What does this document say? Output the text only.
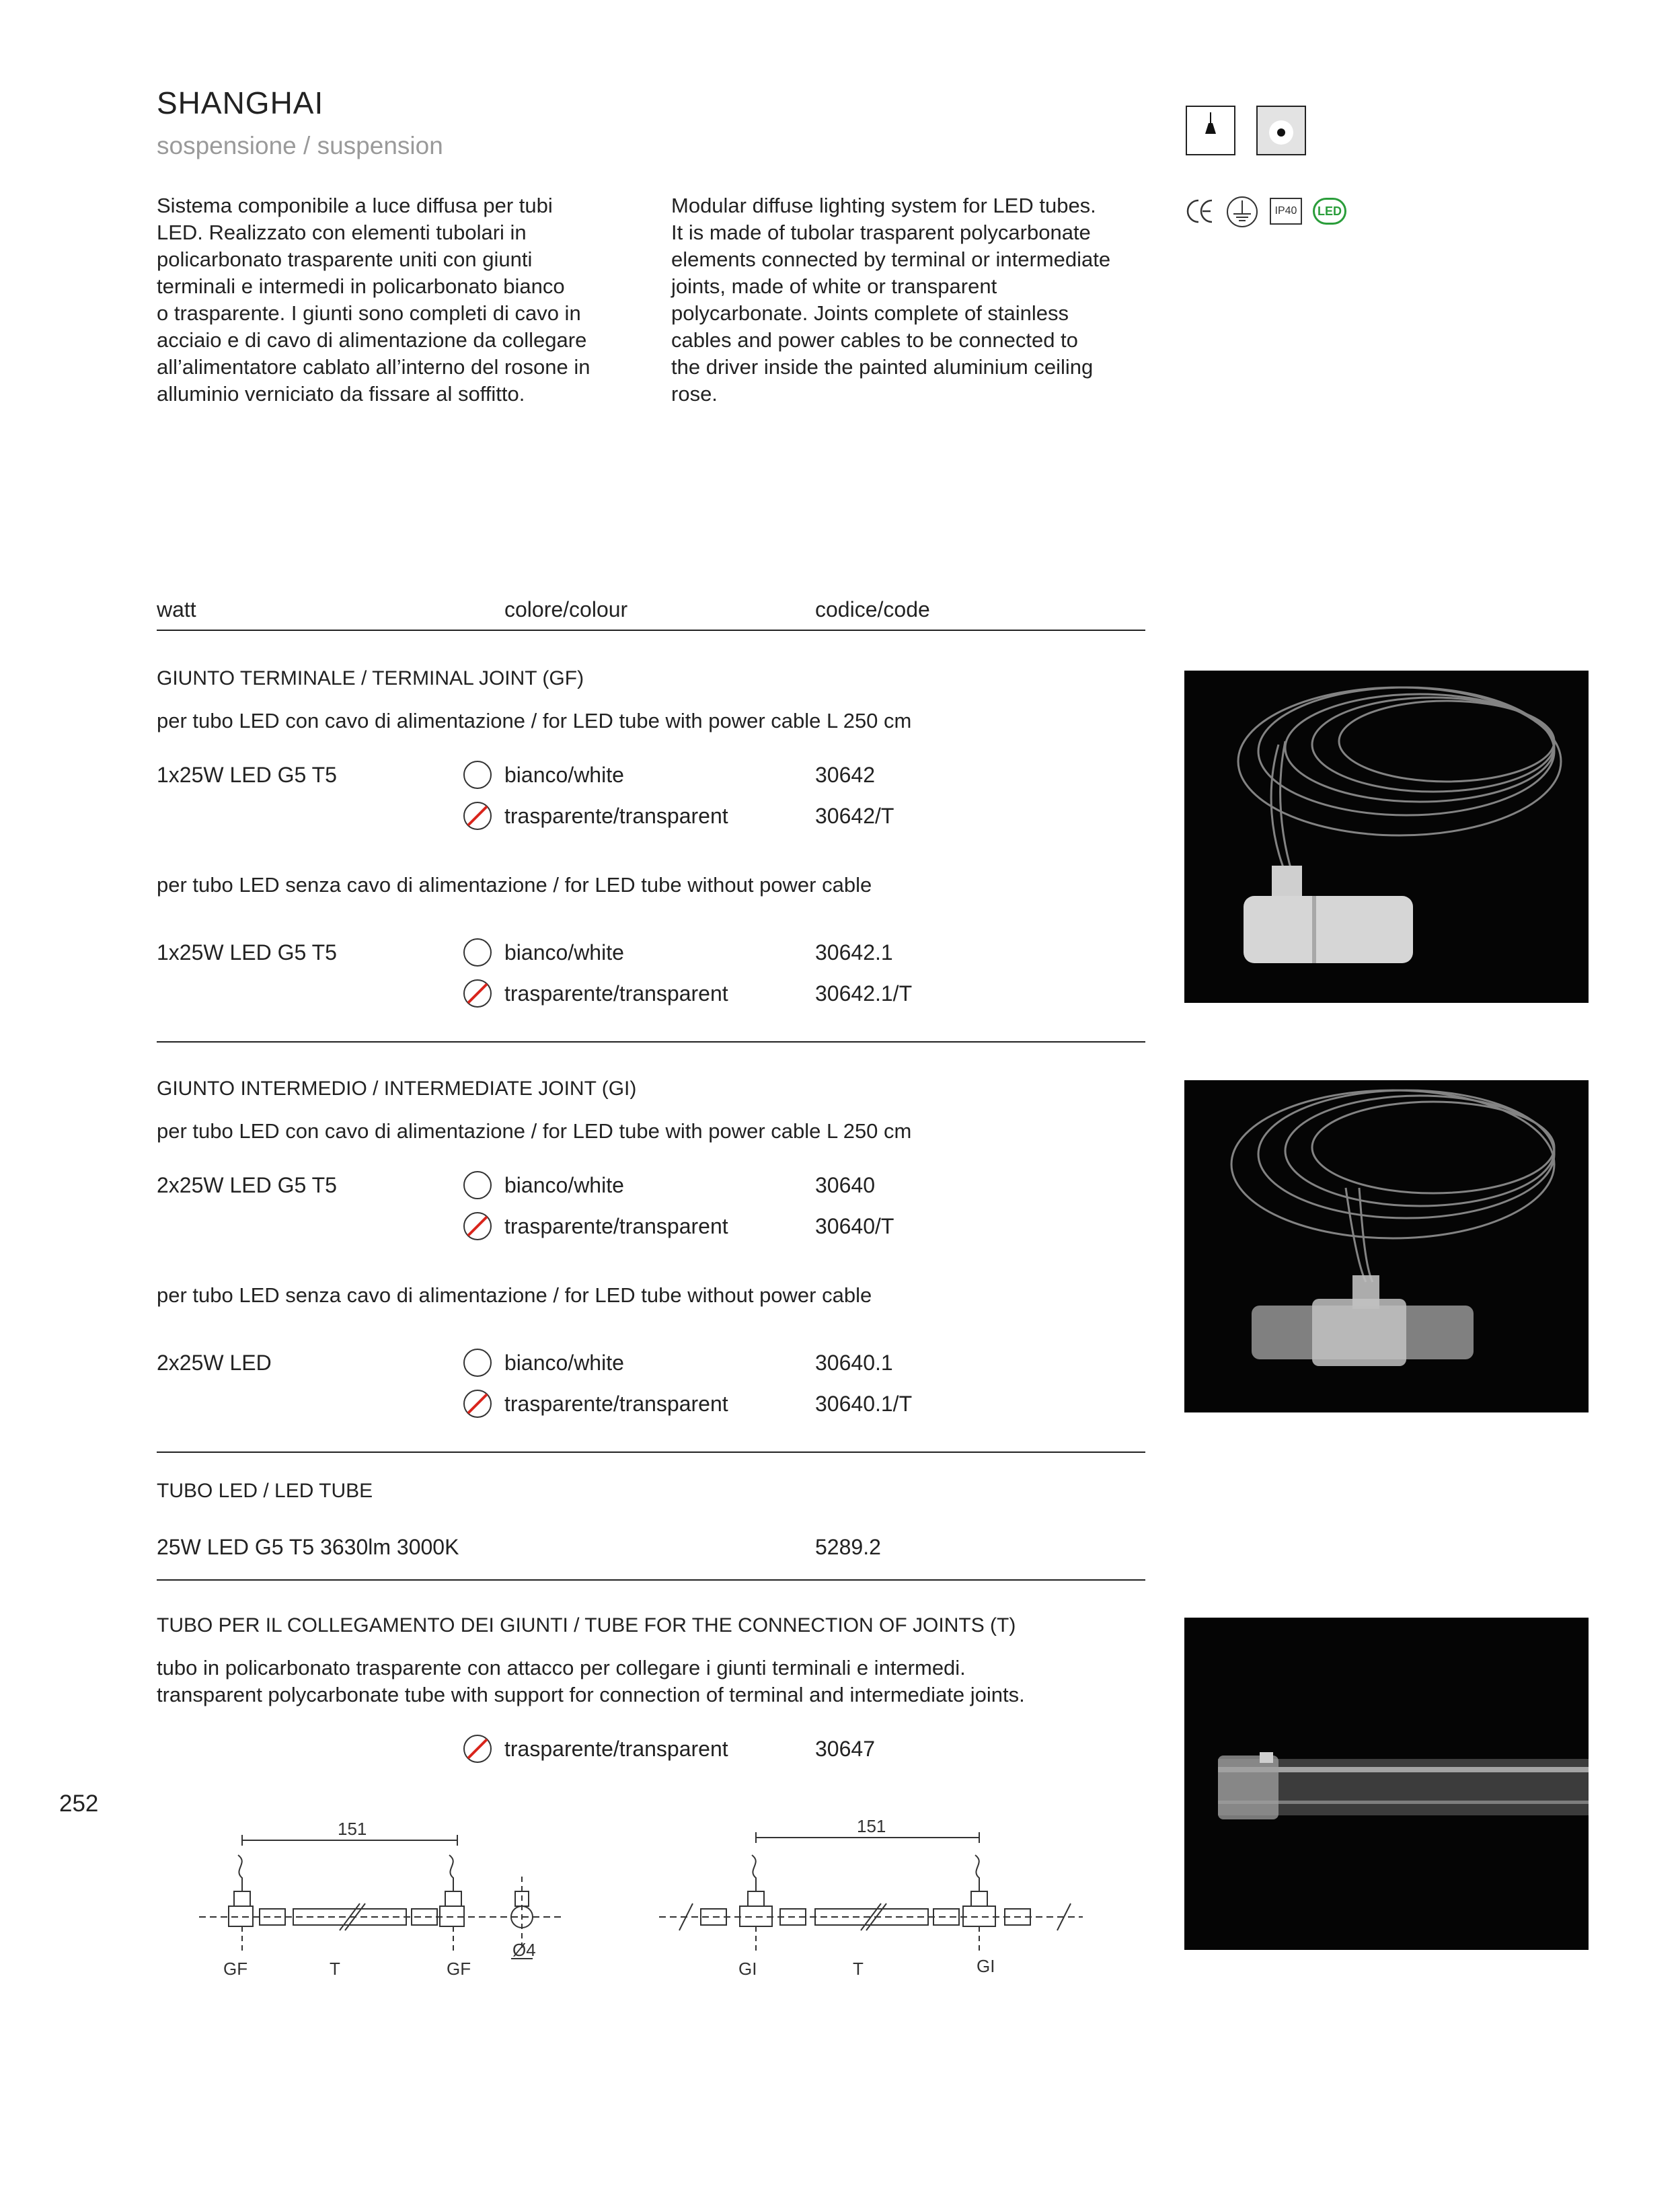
SHANGHAI
sospensione / suspension
Sistema componibile a luce diffusa per tubi
LED. Realizzato con elementi tubolari in
policarbonato trasparente uniti con giunti
terminali e intermedi in policarbonato bianco
o trasparente. I giunti sono completi di cavo in
acciaio e di cavo di alimentazione da collegare
all’alimentatore cablato all’interno del rosone in
alluminio verniciato da fissare al soffitto.
Modular diffuse lighting system for LED tubes.
It is made of tubolar trasparent polycarbonate
elements connected by terminal or intermediate
joints, made of white or transparent
polycarbonate. Joints complete of stainless
cables and power cables to be connected to
the driver inside the painted aluminium ceiling
rose.
IP40	LED
watt	colore/colour	codice/code
GIUNTO TERMINALE / TERMINAL JOINT (GF)
per tubo LED con cavo di alimentazione / for LED tube with power cable L 250 cm
1x25W LED G5 T5	bianco/white	30642
trasparente/transparent	30642/T
per tubo LED senza cavo di alimentazione / for LED tube without power cable
1x25W LED G5 T5	bianco/white	30642.1
trasparente/transparent	30642.1/T
GIUNTO INTERMEDIO / INTERMEDIATE JOINT (GI)
per tubo LED con cavo di alimentazione / for LED tube with power cable L 250 cm
2x25W LED G5 T5	bianco/white	30640
trasparente/transparent	30640/T
per tubo LED senza cavo di alimentazione / for LED tube without power cable
2x25W LED	bianco/white	30640.1
trasparente/transparent	30640.1/T
TUBO LED / LED TUBE
25W LED G5 T5 3630lm 3000K	5289.2
TUBO PER IL COLLEGAMENTO DEI GIUNTI / TUBE FOR THE CONNECTION OF JOINTS (T)
tubo in policarbonato trasparente con attacco per collegare i giunti terminali e intermedi.
transparent polycarbonate tube with support for connection of terminal and intermediate joints.
trasparente/transparent	30647
252
151
GF	T	GF
Ø4
151
GI	T	GI
